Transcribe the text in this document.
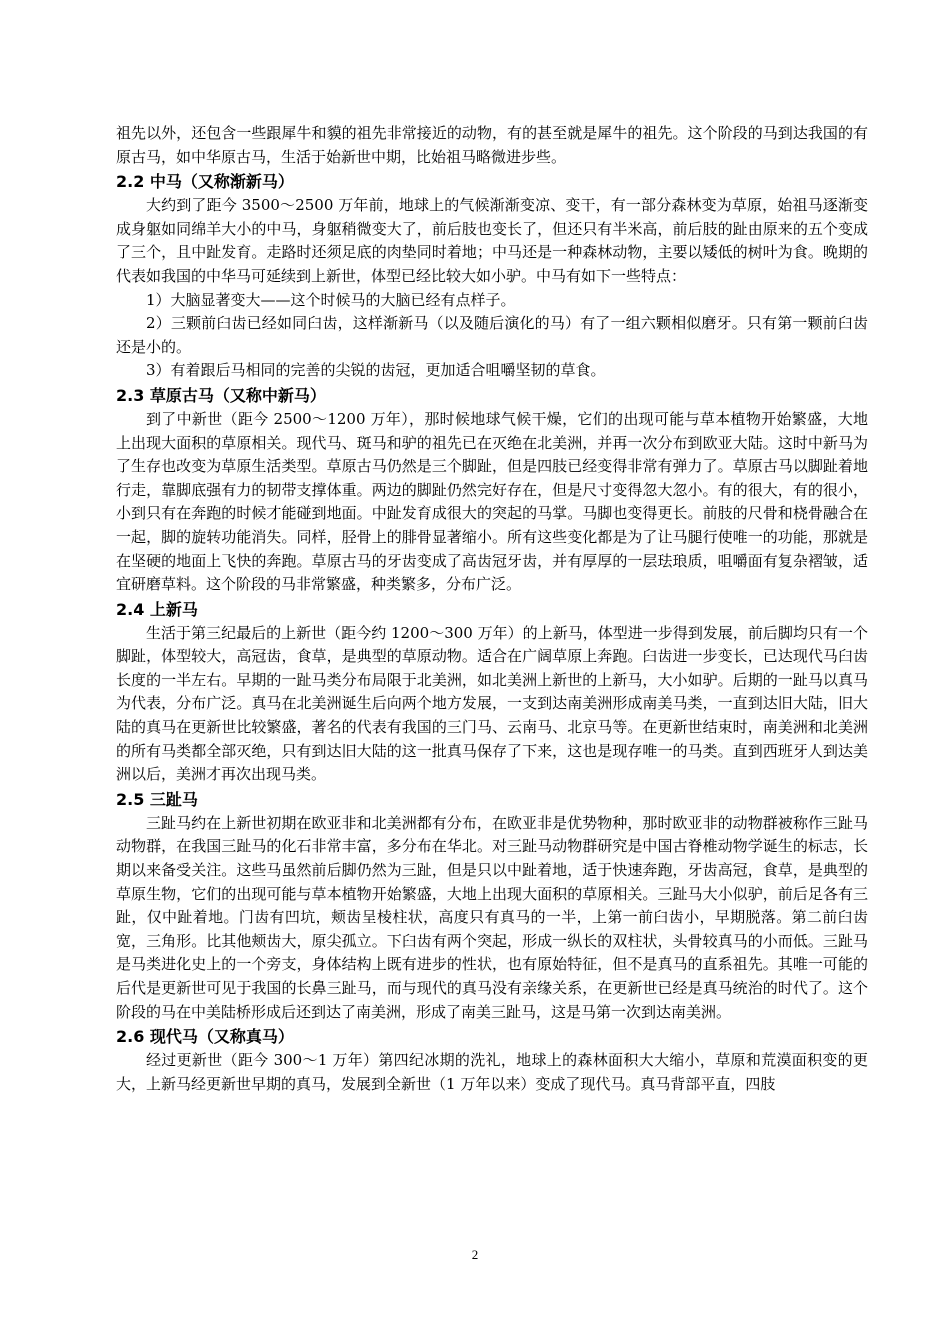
祖先以外，还包含一些跟犀牛和貘的祖先非常接近的动物，有的甚至就是犀牛的祖先。这个阶段的马到达我国的有原古马，如中华原古马，生活于始新世中期，比始祖马略微进步些。

2.2 中马（又称渐新马）

大约到了距今 3500～2500 万年前，地球上的气候渐渐变凉、变干，有一部分森林变为草原，始祖马逐渐变成身躯如同绵羊大小的中马，身躯稍微变大了，前后肢也变长了，但还只有半米高，前后肢的趾由原来的五个变成了三个，且中趾发育。走路时还须足底的肉垫同时着地；中马还是一种森林动物，主要以矮低的树叶为食。晚期的代表如我国的中华马可延续到上新世，体型已经比较大如小驴。中马有如下一些特点：

1）大脑显著变大——这个时候马的大脑已经有点样子。

2）三颗前臼齿已经如同臼齿，这样渐新马（以及随后演化的马）有了一组六颗相似磨牙。只有第一颗前臼齿还是小的。

3）有着跟后马相同的完善的尖锐的齿冠，更加适合咀嚼坚韧的草食。

2.3 草原古马（又称中新马）

到了中新世（距今 2500～1200 万年），那时候地球气候干燥，它们的出现可能与草本植物开始繁盛，大地上出现大面积的草原相关。现代马、斑马和驴的祖先已在灭绝在北美洲，并再一次分布到欧亚大陆。这时中新马为了生存也改变为草原生活类型。草原古马仍然是三个脚趾，但是四肢已经变得非常有弹力了。草原古马以脚趾着地行走，靠脚底强有力的韧带支撑体重。两边的脚趾仍然完好存在，但是尺寸变得忽大忽小。有的很大，有的很小，小到只有在奔跑的时候才能碰到地面。中趾发育成很大的突起的马掌。马脚也变得更长。前肢的尺骨和桡骨融合在一起，脚的旋转功能消失。同样，胫骨上的腓骨显著缩小。所有这些变化都是为了让马腿行使唯一的功能，那就是在坚硬的地面上飞快的奔跑。草原古马的牙齿变成了高齿冠牙齿，并有厚厚的一层珐琅质，咀嚼面有复杂褶皱，适宜研磨草料。这个阶段的马非常繁盛，种类繁多，分布广泛。

2.4 上新马

生活于第三纪最后的上新世（距今约 1200～300 万年）的上新马，体型进一步得到发展，前后脚均只有一个脚趾，体型较大，高冠齿，食草，是典型的草原动物。适合在广阔草原上奔跑。臼齿进一步变长，已达现代马臼齿长度的一半左右。早期的一趾马类分布局限于北美洲，如北美洲上新世的上新马，大小如驴。后期的一趾马以真马为代表，分布广泛。真马在北美洲诞生后向两个地方发展，一支到达南美洲形成南美马类，一直到达旧大陆，旧大陆的真马在更新世比较繁盛，著名的代表有我国的三门马、云南马、北京马等。在更新世结束时，南美洲和北美洲的所有马类都全部灭绝，只有到达旧大陆的这一批真马保存了下来，这也是现存唯一的马类。直到西班牙人到达美洲以后，美洲才再次出现马类。

2.5 三趾马

三趾马约在上新世初期在欧亚非和北美洲都有分布，在欧亚非是优势物种，那时欧亚非的动物群被称作三趾马动物群，在我国三趾马的化石非常丰富，多分布在华北。对三趾马动物群研究是中国古脊椎动物学诞生的标志，长期以来备受关注。这些马虽然前后脚仍然为三趾，但是只以中趾着地，适于快速奔跑，牙齿高冠，食草，是典型的草原生物，它们的出现可能与草本植物开始繁盛，大地上出现大面积的草原相关。三趾马大小似驴，前后足各有三趾，仅中趾着地。门齿有凹坑，颊齿呈棱柱状，高度只有真马的一半，上第一前臼齿小，早期脱落。第二前臼齿宽，三角形。比其他颊齿大，原尖孤立。下臼齿有两个突起，形成一纵长的双柱状，头骨较真马的小而低。三趾马是马类进化史上的一个旁支，身体结构上既有进步的性状，也有原始特征，但不是真马的直系祖先。其唯一可能的后代是更新世可见于我国的长鼻三趾马，而与现代的真马没有亲缘关系，在更新世已经是真马统治的时代了。这个阶段的马在中美陆桥形成后还到达了南美洲，形成了南美三趾马，这是马第一次到达南美洲。

2.6 现代马（又称真马）

经过更新世（距今 300～1 万年）第四纪冰期的洗礼，地球上的森林面积大大缩小，草原和荒漠面积变的更大，上新马经更新世早期的真马，发展到全新世（1 万年以来）变成了现代马。真马背部平直，四肢

2
